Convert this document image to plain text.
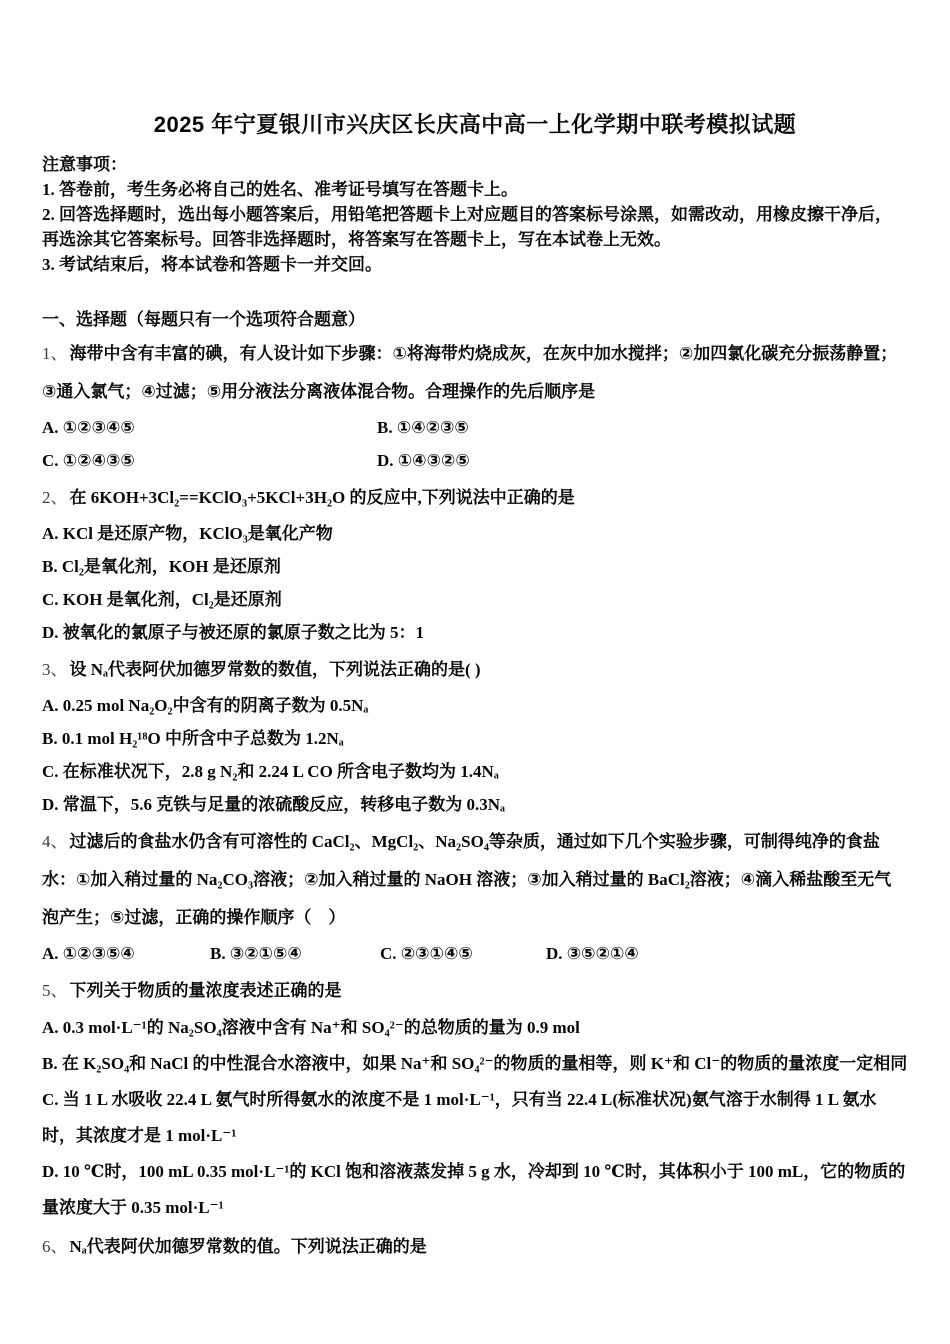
2025 年宁夏银川市兴庆区长庆高中高一上化学期中联考模拟试题
注意事项：
1. 答卷前，考生务必将自己的姓名、准考证号填写在答题卡上。
2. 回答选择题时，选出每小题答案后，用铅笔把答题卡上对应题目的答案标号涂黑，如需改动，用橡皮擦干净后，再选涂其它答案标号。回答非选择题时，将答案写在答题卡上，写在本试卷上无效。
3. 考试结束后，将本试卷和答题卡一并交回。
一、选择题（每题只有一个选项符合题意）
1、 海带中含有丰富的碘，有人设计如下步骤：①将海带灼烧成灰，在灰中加水搅拌；②加四氯化碳充分振荡静置；③通入氯气；④过滤；⑤用分液法分离液体混合物。合理操作的先后顺序是
A. ①②③④⑤	B. ①④②③⑤
C. ①②④③⑤	D. ①④③②⑤
2、 在 6KOH+3Cl₂==KClO₃+5KCl+3H₂O 的反应中,下列说法中正确的是
A. KCl 是还原产物，KClO₃是氧化产物
B. Cl₂是氧化剂，KOH 是还原剂
C. KOH 是氧化剂，Cl₂是还原剂
D. 被氧化的氯原子与被还原的氯原子数之比为 5：1
3、 设 Nₐ代表阿伏加德罗常数的数值，下列说法正确的是( )
A. 0.25 mol Na₂O₂中含有的阴离子数为 0.5Nₐ
B. 0.1 mol H₂¹⁸O 中所含中子总数为 1.2Nₐ
C. 在标准状况下，2.8 g N₂和 2.24 L CO 所含电子数均为 1.4Nₐ
D. 常温下，5.6 克铁与足量的浓硫酸反应，转移电子数为 0.3Nₐ
4、 过滤后的食盐水仍含有可溶性的 CaCl₂、MgCl₂、Na₂SO₄等杂质，通过如下几个实验步骤，可制得纯净的食盐水：①加入稍过量的 Na₂CO₃溶液；②加入稍过量的 NaOH 溶液；③加入稍过量的 BaCl₂溶液；④滴入稀盐酸至无气泡产生；⑤过滤，正确的操作顺序（　）
A. ①②③⑤④	B. ③②①⑤④	C. ②③①④⑤	D. ③⑤②①④
5、 下列关于物质的量浓度表述正确的是
A. 0.3 mol·L⁻¹的 Na₂SO₄溶液中含有 Na⁺和 SO₄²⁻的总物质的量为 0.9 mol
B. 在 K₂SO₄和 NaCl 的中性混合水溶液中，如果 Na⁺和 SO₄²⁻的物质的量相等，则 K⁺和 Cl⁻的物质的量浓度一定相同
C. 当 1 L 水吸收 22.4 L 氨气时所得氨水的浓度不是 1 mol·L⁻¹，只有当 22.4 L(标准状况)氨气溶于水制得 1 L 氨水时，其浓度才是 1 mol·L⁻¹
D. 10 ℃时，100 mL 0.35 mol·L⁻¹的 KCl 饱和溶液蒸发掉 5 g 水，冷却到 10 ℃时，其体积小于 100 mL，它的物质的量浓度大于 0.35 mol·L⁻¹
6、 Nₐ代表阿伏加德罗常数的值。下列说法正确的是
